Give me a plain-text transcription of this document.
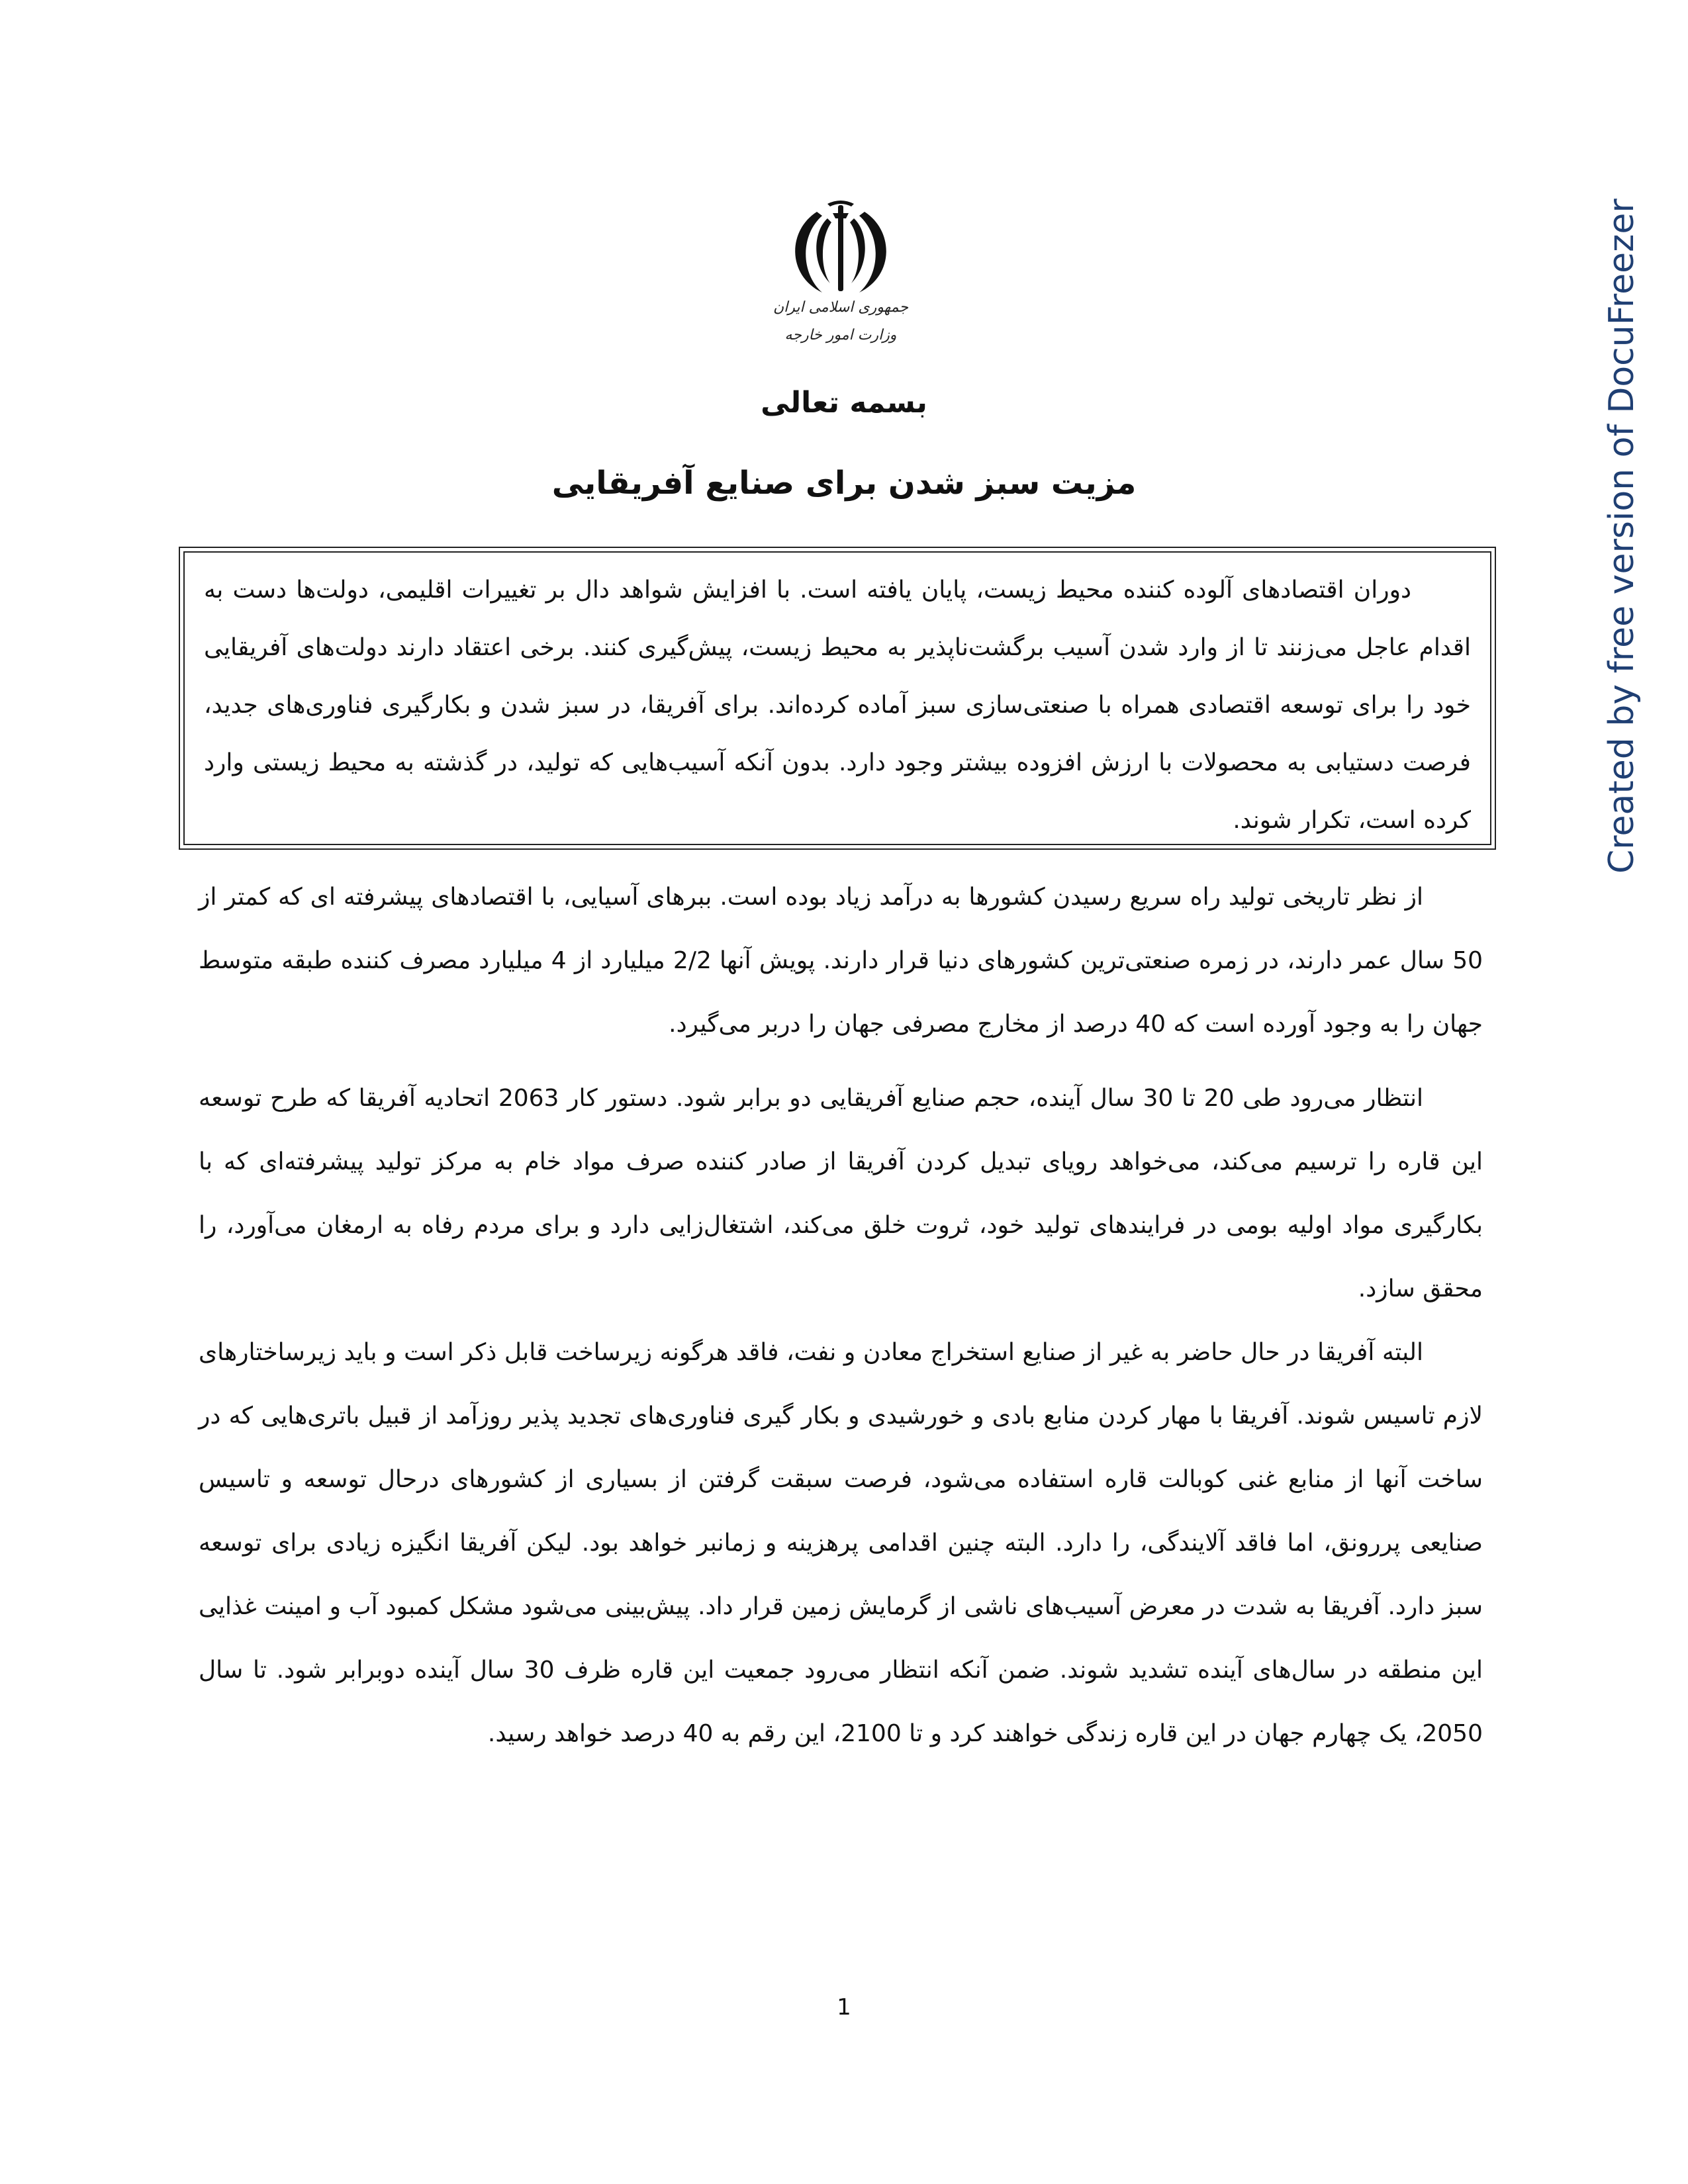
جمهوری اسلامی ایران
وزارت امور خارجه
بسمه تعالی
مزیت سبز شدن برای صنایع آفریقایی
دوران اقتصادهای آلوده کننده محیط زیست، پایان یافته است. با افزایش شواهد دال بر تغییرات اقلیمی، دولت‌ها دست به اقدام عاجل می‌زنند تا از وارد شدن آسیب برگشت‌ناپذیر به محیط زیست، پیش‌گیری کنند. برخی اعتقاد دارند دولت‌های آفریقایی خود را برای توسعه اقتصادی همراه با صنعتی‌سازی سبز آماده کرده‌اند. برای آفریقا، در سبز شدن و بکارگیری فناوری‌های جدید، فرصت دستیابی به محصولات با ارزش افزوده بیشتر وجود دارد. بدون آنکه آسیب‌هایی که تولید، در گذشته به محیط زیستی وارد کرده است، تکرار شوند.
از نظر تاریخی تولید راه سریع رسیدن کشورها به درآمد زیاد بوده است. ببرهای آسیایی، با اقتصادهای پیشرفته ای که کمتر از 50 سال عمر دارند، در زمره صنعتی‌ترین کشورهای دنیا قرار دارند. پویش آنها 2/2 میلیارد از 4 میلیارد مصرف کننده طبقه متوسط جهان را به وجود آورده است که 40 درصد از مخارج مصرفی جهان را دربر می‌گیرد.
انتظار می‌رود طی 20 تا 30 سال آینده، حجم صنایع آفریقایی دو برابر شود. دستور کار 2063 اتحادیه آفریقا که طرح توسعه این قاره را ترسیم می‌کند، می‌خواهد رویای تبدیل کردن آفریقا از صادر کننده صرف مواد خام به مرکز تولید پیشرفته‌ای که با بکارگیری مواد اولیه بومی در فرایندهای تولید خود، ثروت خلق می‌کند، اشتغال‌زایی دارد و برای مردم رفاه به ارمغان می‌آورد، را محقق سازد.
البته آفریقا در حال حاضر به غیر از صنایع استخراج معادن و نفت، فاقد هرگونه زیرساخت قابل ذکر است و باید زیرساختارهای لازم تاسیس شوند. آفریقا با مهار کردن منابع بادی و خورشیدی و بکار گیری فناوری‌های تجدید پذیر روزآمد از قبیل باتری‌هایی که در ساخت آنها از منابع غنی کوبالت قاره استفاده می‌شود، فرصت سبقت گرفتن از بسیاری از کشورهای درحال توسعه و تاسیس صنایعی پررونق، اما فاقد آلایندگی، را دارد. البته چنین اقدامی پرهزینه و زمانبر خواهد بود. لیکن آفریقا انگیزه زیادی برای توسعه سبز دارد. آفریقا به شدت در معرض آسیب‌های ناشی از گرمایش زمین قرار داد. پیش‌بینی می‌شود مشکل کمبود آب و امینت غذایی این منطقه در سال‌های آینده تشدید شوند. ضمن آنکه انتظار می‌رود جمعیت این قاره ظرف 30 سال آینده دوبرابر شود. تا سال 2050، یک چهارم جهان در این قاره زندگی خواهند کرد و تا 2100، این رقم به 40 درصد خواهد رسید.
1
Created by free version of DocuFreezer
